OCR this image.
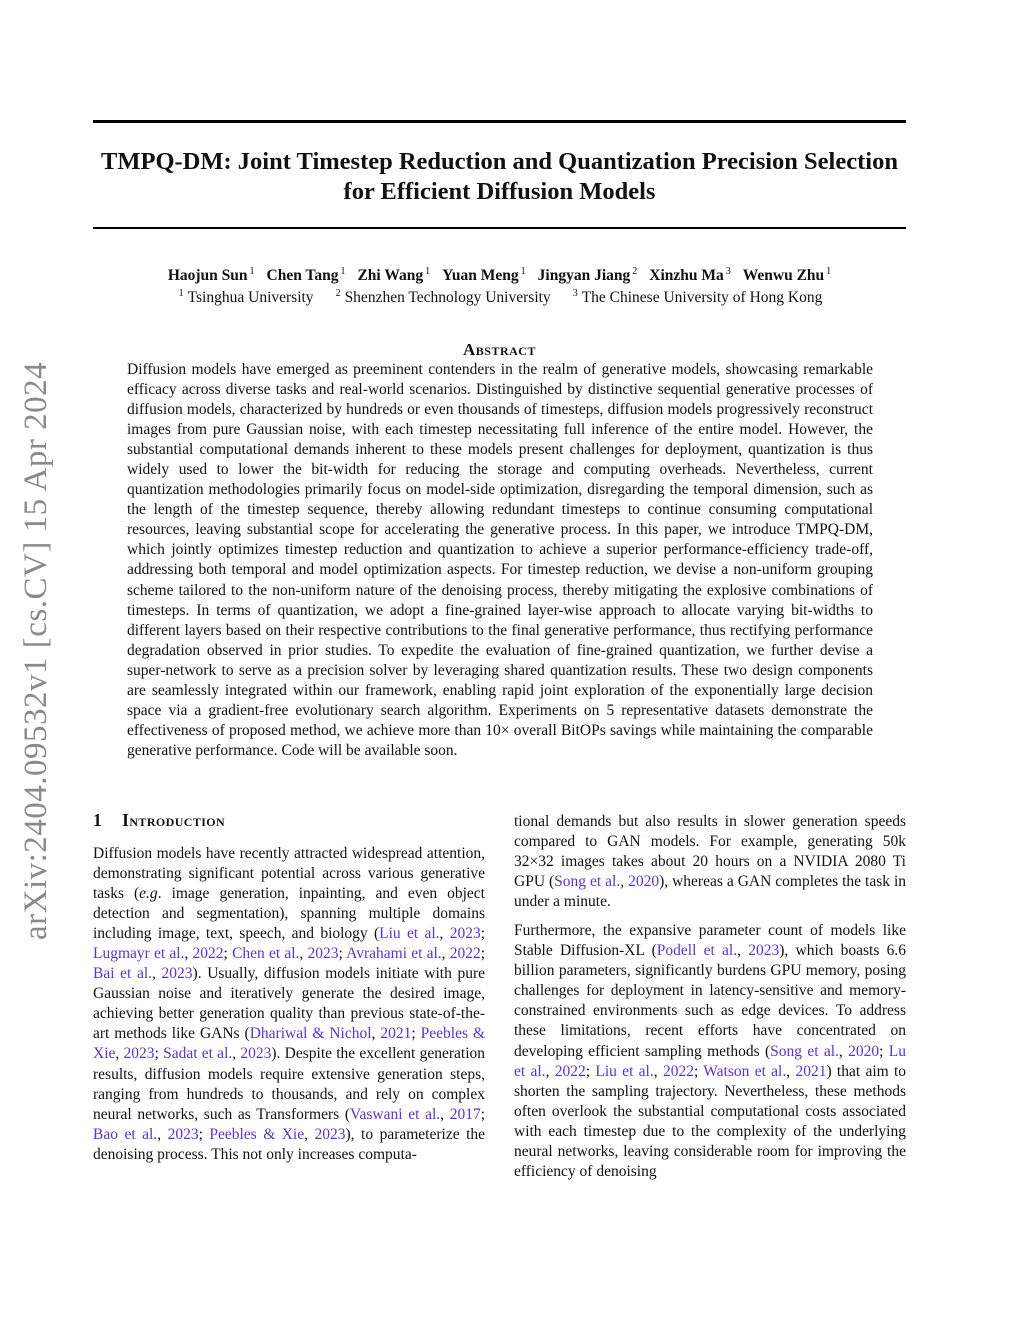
arXiv:2404.09532v1 [cs.CV] 15 Apr 2024
TMPQ-DM: Joint Timestep Reduction and Quantization Precision Selection
for Efficient Diffusion Models
Haojun Sun $^1$ Chen Tang $^1$ Zhi Wang $^1$ Yuan Meng $^1$ Jingyan Jiang $^2$ Xinzhu Ma $^3$ Wenwu Zhu $^1$
$^1$ Tsinghua University $^2$ Shenzhen Technology University $^3$ The Chinese University of Hong Kong
Abstract

Diffusion models have emerged as preeminent contenders in the realm of generative models, showcasing remarkable efficacy across diverse tasks and real-world scenarios. Distinguished by distinctive sequential generative processes of diffusion models, characterized by hundreds or even thousands of timesteps, diffusion models progressively reconstruct images from pure Gaussian noise, with each timestep necessitating full inference of the entire model. However, the substantial computational demands inherent to these models present challenges for deployment, quantization is thus widely used to lower the bit-width for reducing the storage and computing overheads. Nevertheless, current quantization methodologies primarily focus on model-side optimization, disregarding the temporal dimension, such as the length of the timestep sequence, thereby allowing redundant timesteps to continue consuming computational resources, leaving substantial scope for accelerating the generative process. In this paper, we introduce TMPQ-DM, which jointly optimizes timestep reduction and quantization to achieve a superior performance-efficiency trade-off, addressing both temporal and model optimization aspects. For timestep reduction, we devise a non-uniform grouping scheme tailored to the non-uniform nature of the denoising process, thereby mitigating the explosive combinations of timesteps. In terms of quantization, we adopt a fine-grained layer-wise approach to allocate varying bit-widths to different layers based on their respective contributions to the final generative performance, thus rectifying performance degradation observed in prior studies. To expedite the evaluation of fine-grained quantization, we further devise a super-network to serve as a precision solver by leveraging shared quantization results. These two design components are seamlessly integrated within our framework, enabling rapid joint exploration of the exponentially large decision space via a gradient-free evolutionary search algorithm. Experiments on 5 representative datasets demonstrate the effectiveness of proposed method, we achieve more than 10× overall BitOPs savings while maintaining the comparable generative performance. Code will be available soon.

1 Introduction

Diffusion models have recently attracted widespread attention, demonstrating significant potential across various generative tasks (e.g. image generation, inpainting, and even object detection and segmentation), spanning multiple domains including image, text, speech, and biology (Liu et al., 2023; Lugmayr et al., 2022; Chen et al., 2023; Avrahami et al., 2022; Bai et al., 2023). Usually, diffusion models initiate with pure Gaussian noise and iteratively generate the desired image, achieving better generation quality than previous state-of-the-art methods like GANs (Dhariwal & Nichol, 2021; Peebles & Xie, 2023; Sadat et al., 2023). Despite the excellent generation results, diffusion models require extensive generation steps, ranging from hundreds to thousands, and rely on complex neural networks, such as Transformers (Vaswani et al., 2017; Bao et al., 2023; Peebles & Xie, 2023), to parameterize the denoising process. This not only increases computa-

tional demands but also results in slower generation speeds compared to GAN models. For example, generating 50k 32×32 images takes about 20 hours on a NVIDIA 2080 Ti GPU (Song et al., 2020), whereas a GAN completes the task in under a minute.

Furthermore, the expansive parameter count of models like Stable Diffusion-XL (Podell et al., 2023), which boasts 6.6 billion parameters, significantly burdens GPU memory, posing challenges for deployment in latency-sensitive and memory-constrained environments such as edge devices. To address these limitations, recent efforts have concentrated on developing efficient sampling methods (Song et al., 2020; Lu et al., 2022; Liu et al., 2022; Watson et al., 2021) that aim to shorten the sampling trajectory. Nevertheless, these methods often overlook the substantial computational costs associated with each timestep due to the complexity of the underlying neural networks, leaving considerable room for improving the efficiency of denoising
